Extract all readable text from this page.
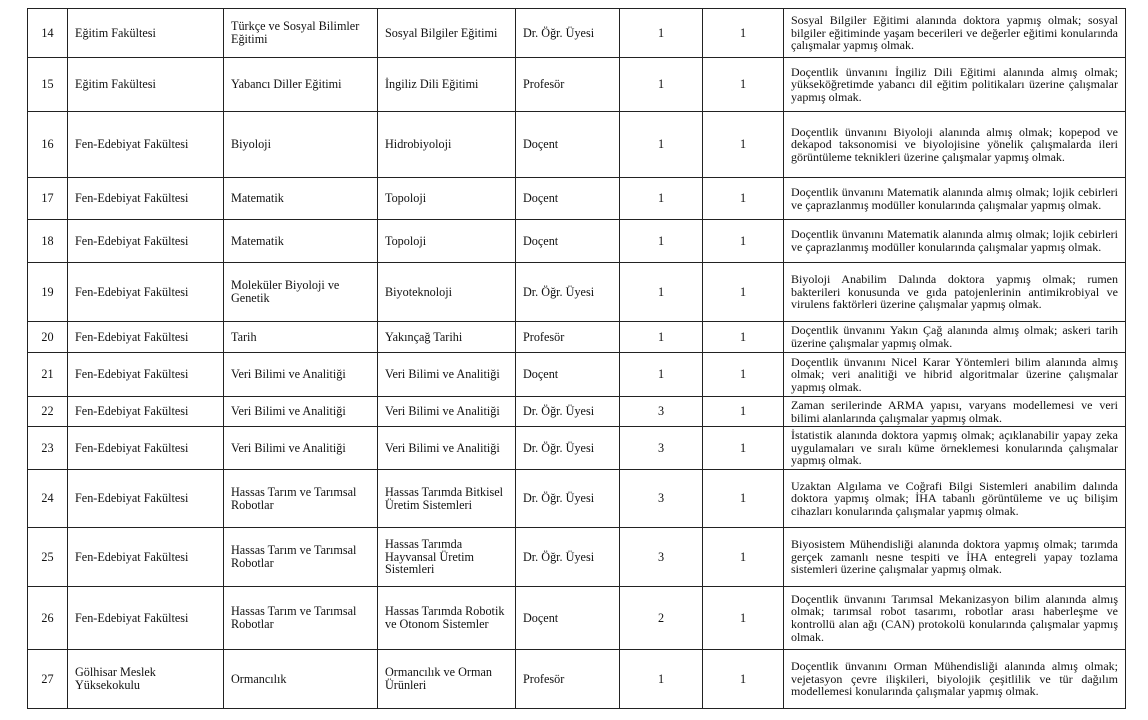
14	Eğitim Fakültesi	Türkçe ve Sosyal Bilimler Eğitimi	Sosyal Bilgiler Eğitimi	Dr. Öğr. Üyesi	1	1	Sosyal Bilgiler Eğitimi alanında doktora yapmış olmak; sosyal bilgiler eğitiminde yaşam becerileri ve değerler eğitimi konularında çalışmalar yapmış olmak.

15	Eğitim Fakültesi	Yabancı Diller Eğitimi	İngiliz Dili Eğitimi	Profesör	1	1	Doçentlik ünvanını İngiliz Dili Eğitimi alanında almış olmak; yükseköğretimde yabancı dil eğitim politikaları üzerine çalışmalar yapmış olmak.

16	Fen-Edebiyat Fakültesi	Biyoloji	Hidrobiyoloji	Doçent	1	1	Doçentlik ünvanını Biyoloji alanında almış olmak; kopepod ve dekapod taksonomisi ve biyolojisine yönelik çalışmalarda ileri görüntüleme teknikleri üzerine çalışmalar yapmış olmak.

17	Fen-Edebiyat Fakültesi	Matematik	Topoloji	Doçent	1	1	Doçentlik ünvanını Matematik alanında almış olmak; lojik cebirleri ve çaprazlanmış modüller konularında çalışmalar yapmış olmak.

18	Fen-Edebiyat Fakültesi	Matematik	Topoloji	Doçent	1	1	Doçentlik ünvanını Matematik alanında almış olmak; lojik cebirleri ve çaprazlanmış modüller konularında çalışmalar yapmış olmak.

19	Fen-Edebiyat Fakültesi	Moleküler Biyoloji ve Genetik	Biyoteknoloji	Dr. Öğr. Üyesi	1	1	Biyoloji Anabilim Dalında doktora yapmış olmak; rumen bakterileri konusunda ve gıda patojenlerinin antimikrobiyal ve virulens faktörleri üzerine çalışmalar yapmış olmak.

20	Fen-Edebiyat Fakültesi	Tarih	Yakınçağ Tarihi	Profesör	1	1	Doçentlik ünvanını Yakın Çağ alanında almış olmak; askeri tarih üzerine çalışmalar yapmış olmak.

21	Fen-Edebiyat Fakültesi	Veri Bilimi ve Analitiği	Veri Bilimi ve Analitiği	Doçent	1	1	Doçentlik ünvanını Nicel Karar Yöntemleri bilim alanında almış olmak; veri analitiği ve hibrid algoritmalar üzerine çalışmalar yapmış olmak.

22	Fen-Edebiyat Fakültesi	Veri Bilimi ve Analitiği	Veri Bilimi ve Analitiği	Dr. Öğr. Üyesi	3	1	Zaman serilerinde ARMA yapısı, varyans modellemesi ve veri bilimi alanlarında çalışmalar yapmış olmak.

23	Fen-Edebiyat Fakültesi	Veri Bilimi ve Analitiği	Veri Bilimi ve Analitiği	Dr. Öğr. Üyesi	3	1	İstatistik alanında doktora yapmış olmak; açıklanabilir yapay zeka uygulamaları ve sıralı küme örneklemesi konularında çalışmalar yapmış olmak.

24	Fen-Edebiyat Fakültesi	Hassas Tarım ve Tarımsal Robotlar	Hassas Tarımda Bitkisel Üretim Sistemleri	Dr. Öğr. Üyesi	3	1	Uzaktan Algılama ve Coğrafi Bilgi Sistemleri anabilim dalında doktora yapmış olmak; İHA tabanlı görüntüleme ve uç bilişim cihazları konularında çalışmalar yapmış olmak.

25	Fen-Edebiyat Fakültesi	Hassas Tarım ve Tarımsal Robotlar	Hassas Tarımda Hayvansal Üretim Sistemleri	Dr. Öğr. Üyesi	3	1	Biyosistem Mühendisliği alanında doktora yapmış olmak; tarımda gerçek zamanlı nesne tespiti ve İHA entegreli yapay tozlama sistemleri üzerine çalışmalar yapmış olmak.

26	Fen-Edebiyat Fakültesi	Hassas Tarım ve Tarımsal Robotlar	Hassas Tarımda Robotik ve Otonom Sistemler	Doçent	2	1	Doçentlik ünvanını Tarımsal Mekanizasyon bilim alanında almış olmak; tarımsal robot tasarımı, robotlar arası haberleşme ve kontrollü alan ağı (CAN) protokolü konularında çalışmalar yapmış olmak.

27	Gölhisar Meslek Yüksekokulu	Ormancılık	Ormancılık ve Orman Ürünleri	Profesör	1	1	Doçentlik ünvanını Orman Mühendisliği alanında almış olmak; vejetasyon çevre ilişkileri, biyolojik çeşitlilik ve tür dağılım modellemesi konularında çalışmalar yapmış olmak.
